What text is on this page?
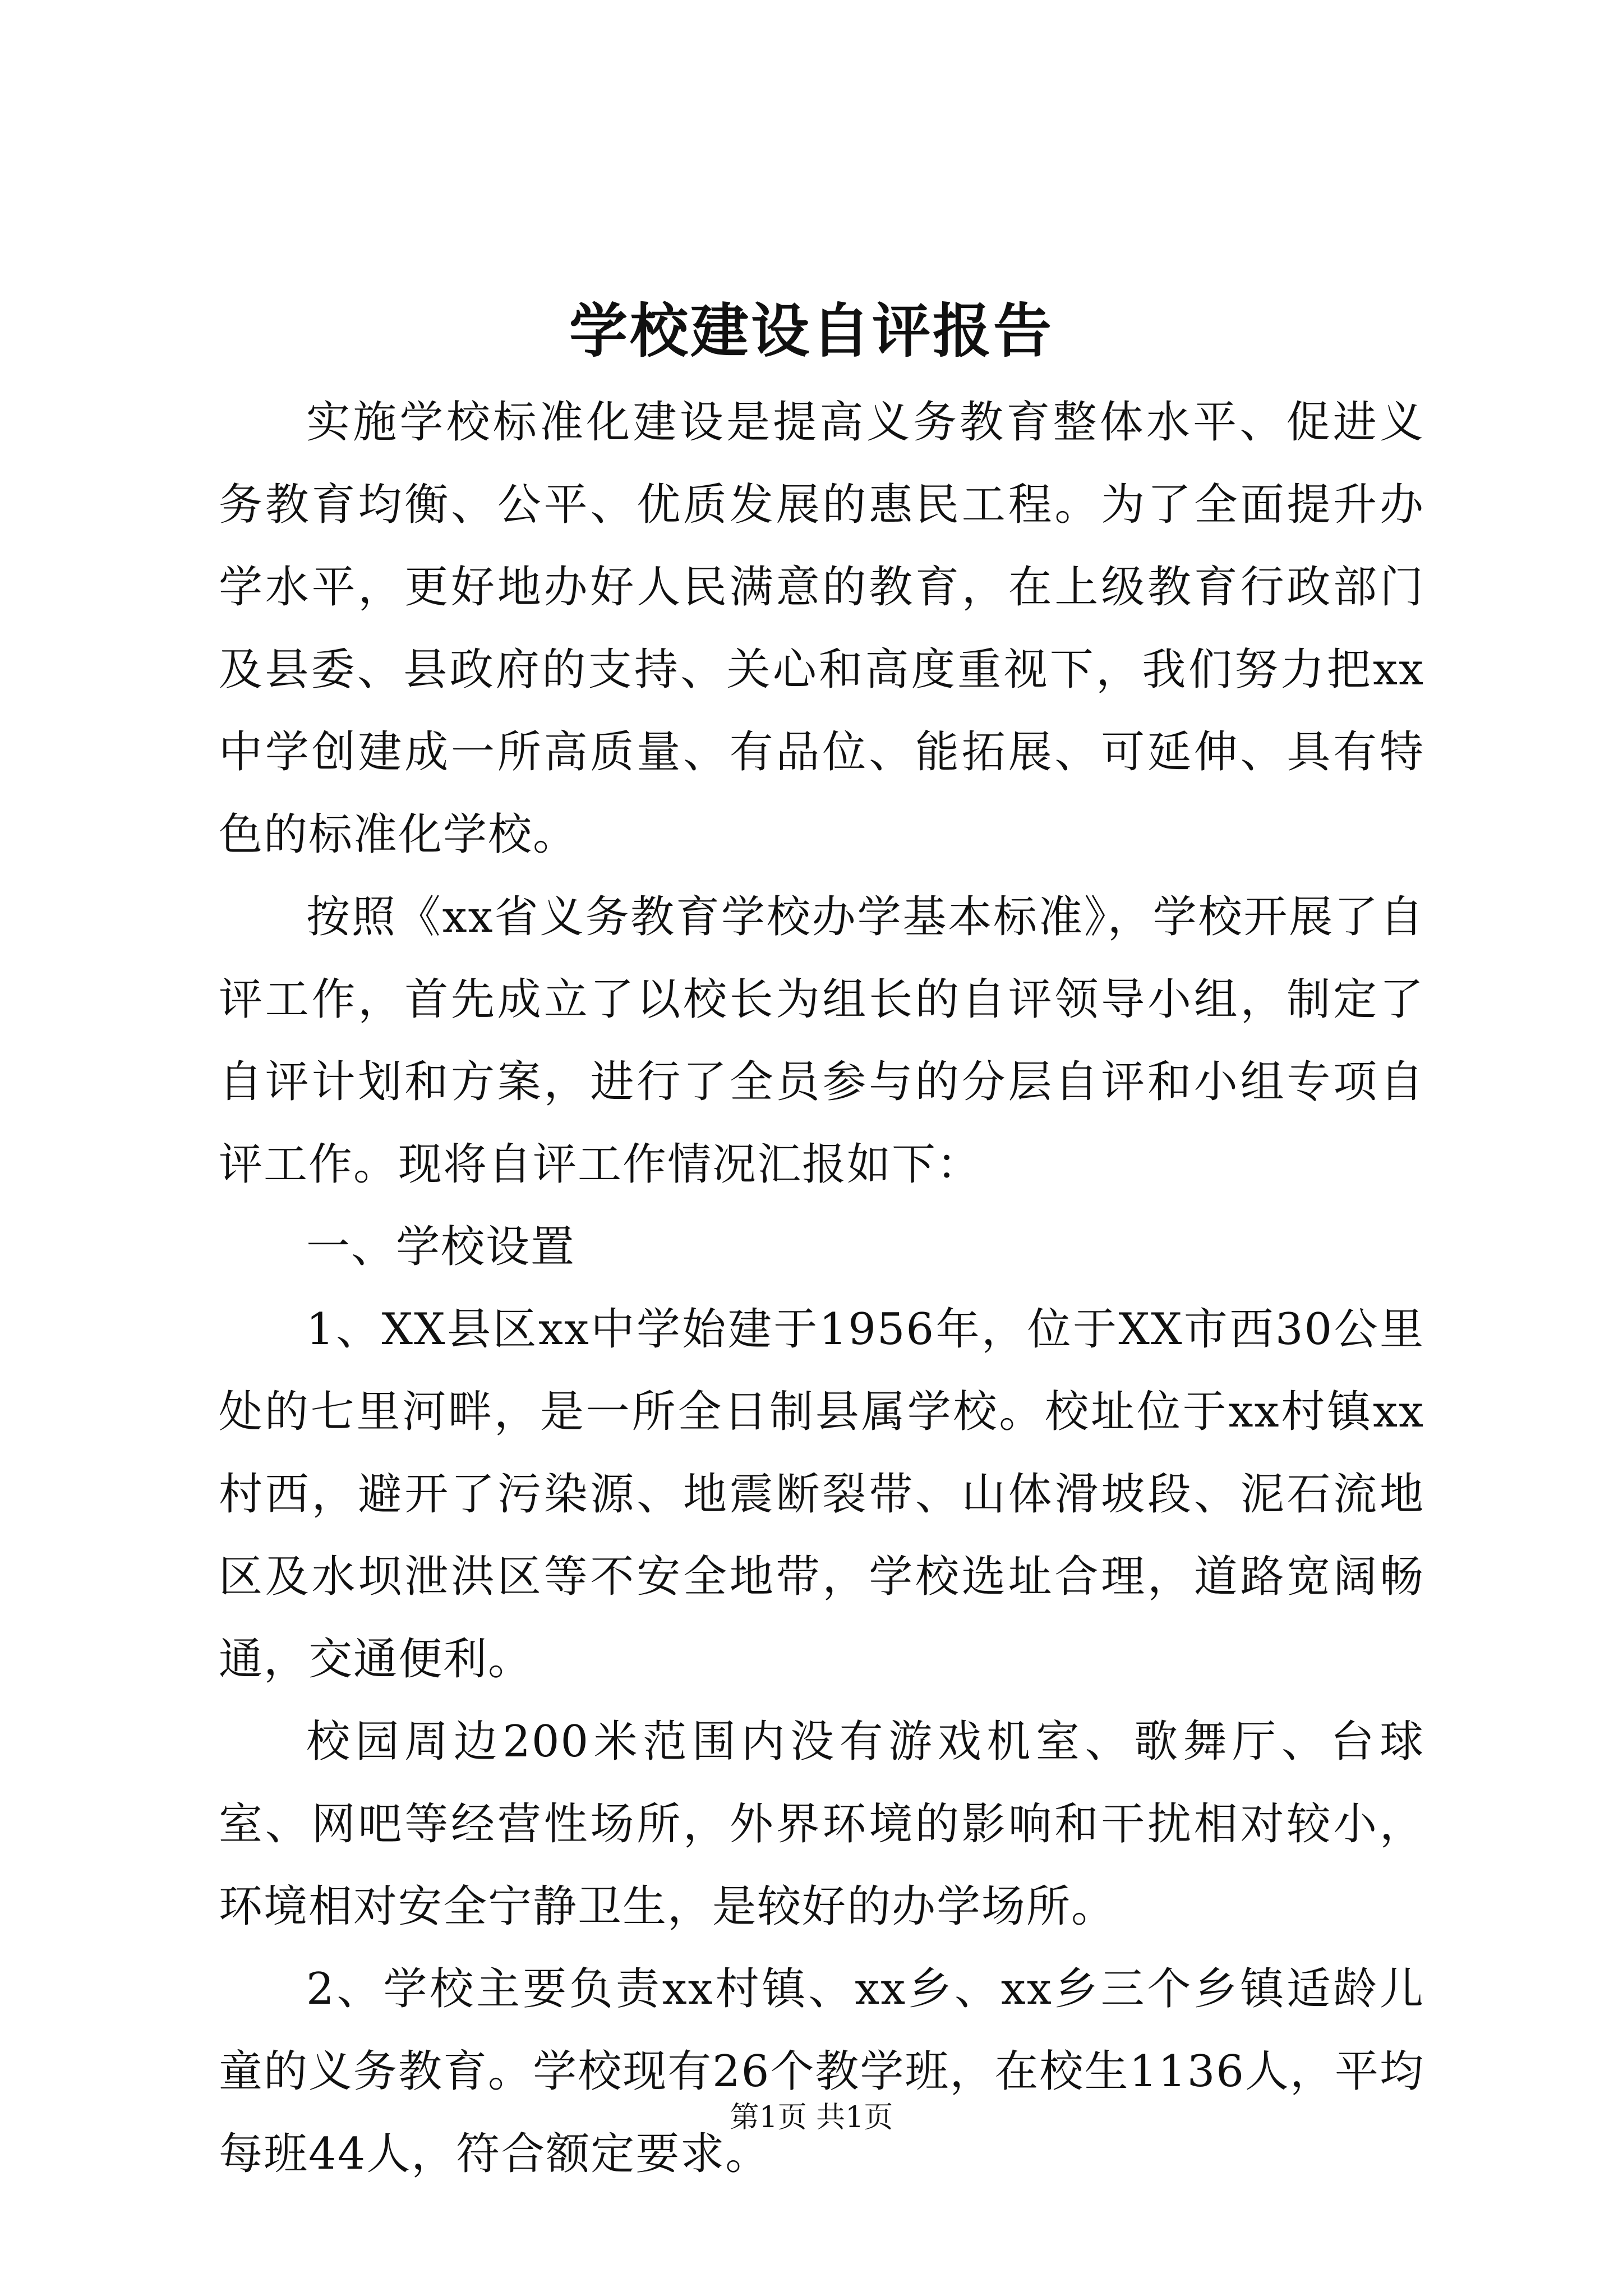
学校建设自评报告

实施学校标准化建设是提高义务教育整体水平、促进义务教育均衡、公平、优质发展的惠民工程。为了全面提升办学水平，更好地办好人民满意的教育，在上级教育行政部门及县委、县政府的支持、关心和高度重视下，我们努力把xx中学创建成一所高质量、有品位、能拓展、可延伸、具有特色的标准化学校。

按照《xx省义务教育学校办学基本标准》，学校开展了自评工作，首先成立了以校长为组长的自评领导小组，制定了自评计划和方案，进行了全员参与的分层自评和小组专项自评工作。现将自评工作情况汇报如下：

一、学校设置

1、XX县区xx中学始建于1956年，位于XX市西30公里处的七里河畔，是一所全日制县属学校。校址位于xx村镇xx村西，避开了污染源、地震断裂带、山体滑坡段、泥石流地区及水坝泄洪区等不安全地带，学校选址合理，道路宽阔畅通，交通便利。

校园周边200米范围内没有游戏机室、歌舞厅、台球室、网吧等经营性场所，外界环境的影响和干扰相对较小，环境相对安全宁静卫生，是较好的办学场所。

2、学校主要负责xx村镇、xx乡、xx乡三个乡镇适龄儿童的义务教育。学校现有26个教学班，在校生1136人，平均每班44人，符合额定要求。

第1页 共1页
